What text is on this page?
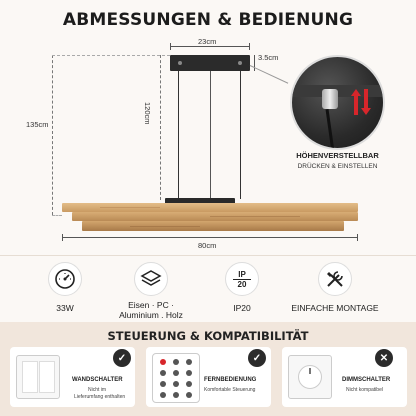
ABMESSUNGEN & BEDIENUNG
23cm
3.5cm
120cm
135cm
80cm
HÖHENVERSTELLBAR
DRÜCKEN & EINSTELLEN
33W	Eisen · PC ·
Aluminium . Holz
IP
20
IP20	EINFACHE MONTAGE
STEUERUNG & KOMPATIBILITÄT
WANDSCHALTER
Nicht im
Lieferumfang enthalten
✓
FERNBEDIENUNG
Komfortable Steuerung
✓
DIMMSCHALTER
Nicht kompatibel
✕
